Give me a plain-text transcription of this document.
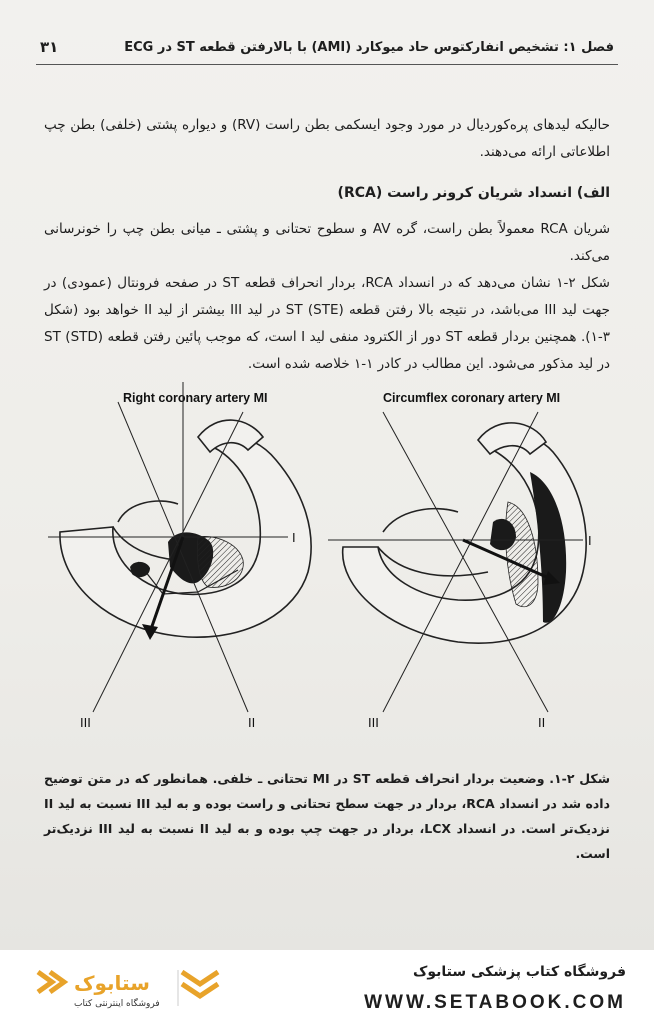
فصل ۱: تشخیص انفارکتوس حاد میوکارد (AMI) با بالارفتن قطعه ST در ECG
۳۱

حالیکه لیدهای پره‌کوردیال در مورد وجود ایسکمی بطن راست (RV) و دیواره پشتی (خلفی) بطن چپ اطلاعاتی ارائه می‌دهند.

الف) انسداد شریان کرونر راست (RCA)

شریان RCA معمولاً بطن راست، گره AV و سطوح تحتانی و پشتی ـ میانی بطن چپ را خونرسانی می‌کند.

شکل ۲-۱ نشان می‌دهد که در انسداد RCA، بردار انحراف قطعه ST در صفحه فرونتال (عمودی) در جهت لید III می‌باشد، در نتیجه بالا رفتن قطعه ST (STE) در لید III بیشتر از لید II خواهد بود (شکل ۳-۱). همچنین بردار قطعه ST دور از الکترود منفی لید I است، که موجب پائین رفتن قطعه ST (STD) در لید مذکور می‌شود. این مطالب در کادر ۱-۱ خلاصه شده است.

Right coronary artery MI
I
II
III
Circumflex coronary artery MI
I
II
III

شکل ۲-۱. وضعیت بردار انحراف قطعه ST در MI تحتانی ـ خلفی. همانطور که در متن توضیح داده شد در انسداد RCA، بردار در جهت سطح تحتانی و راست بوده و به لید III نسبت به لید II نزدیک‌تر است. در انسداد LCX، بردار در جهت چپ بوده و به لید II نسبت به لید III نزدیک‌تر است.

ستابوک
فروشگاه اینترنتی کتاب
فروشگاه کتاب پزشکی ستابوک
WWW.SETABOOK.COM
